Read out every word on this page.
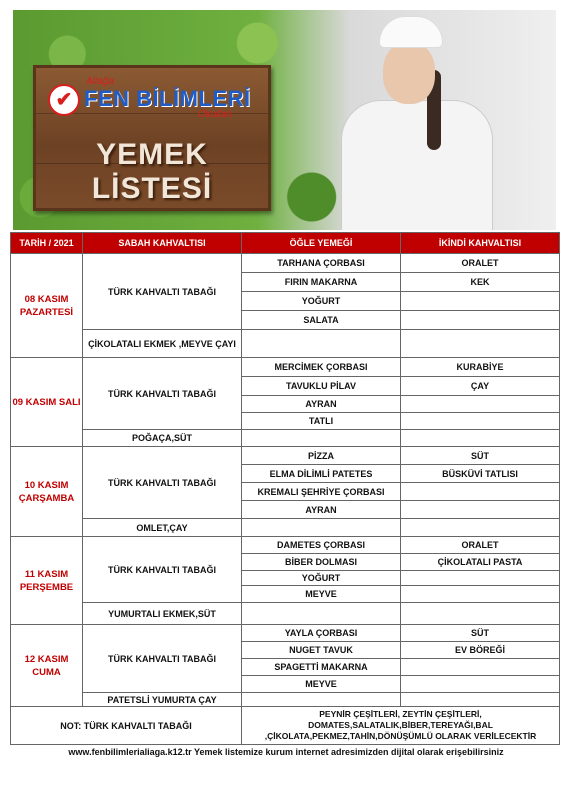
✔
Aliağa
FEN BİLİMLERİ
Okulları
YEMEK LİSTESİ
TARİH / 2021	SABAH KAHVALTISI	ÖĞLE YEMEĞİ	İKİNDİ KAHVALTISI
08 KASIM PAZARTESİ	TÜRK KAHVALTI TABAĞI	TARHANA ÇORBASI	ORALET
		FIRIN MAKARNA	KEK
		YOĞURT	
		SALATA	
	ÇİKOLATALI EKMEK ,MEYVE ÇAYI		
09 KASIM SALI	TÜRK KAHVALTI TABAĞI	MERCİMEK ÇORBASI	KURABİYE
		TAVUKLU PİLAV	ÇAY
		AYRAN	
		TATLI	
	POĞAÇA,SÜT		
10 KASIM ÇARŞAMBA	TÜRK KAHVALTI TABAĞI	PİZZA	SÜT
		ELMA DİLİMLİ PATETES	BÜSKÜVİ TATLISI
		KREMALI ŞEHRİYE ÇORBASI	
		AYRAN	
	OMLET,ÇAY		
11 KASIM PERŞEMBE	TÜRK KAHVALTI TABAĞI	DAMETES ÇORBASI	ORALET
		BİBER DOLMASI	ÇİKOLATALI PASTA
		YOĞURT	
		MEYVE	
	YUMURTALI EKMEK,SÜT		
12 KASIM CUMA	TÜRK KAHVALTI TABAĞI	YAYLA ÇORBASI	SÜT
		NUGET TAVUK	EV BÖREĞİ
		SPAGETTİ MAKARNA	
		MEYVE	
	PATETSLİ YUMURTA ÇAY		
NOT: TÜRK KAHVALTI TABAĞI		PEYNİR ÇEŞİTLERİ, ZEYTİN ÇEŞİTLERİ, DOMATES,SALATALIK,BİBER,TEREYAĞI,BAL ,ÇİKOLATA,PEKMEZ,TAHİN,DÖNÜŞÜMLÜ OLARAK VERİLECEKTİR	
www.fenbilimlerialiaga.k12.tr Yemek listemize kurum internet adresimizden dijital olarak erişebilirsiniz
